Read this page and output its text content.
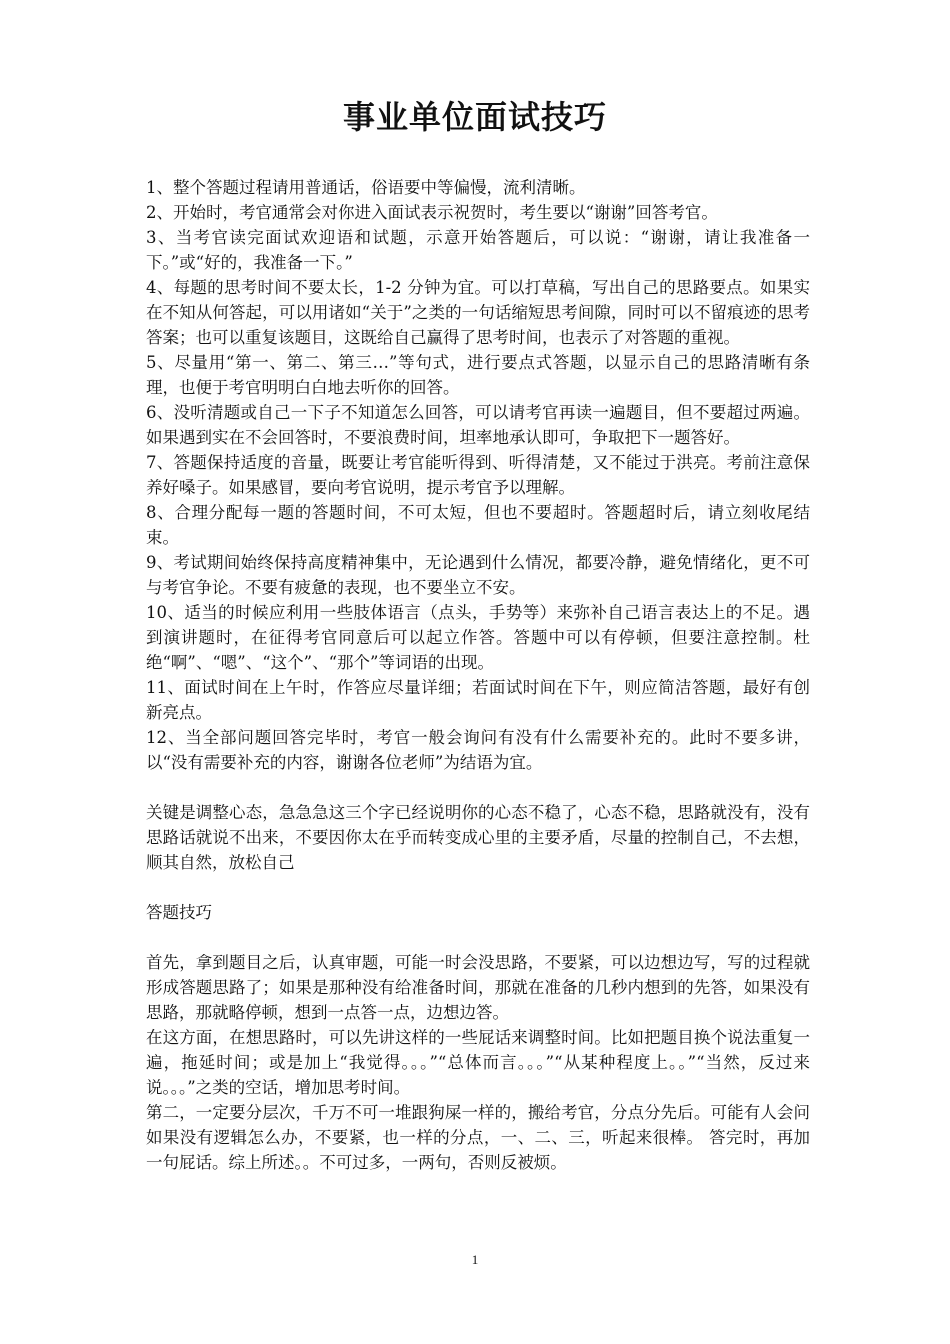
事业单位面试技巧

1、整个答题过程请用普通话，俗语要中等偏慢，流利清晰。

2、开始时，考官通常会对你进入面试表示祝贺时，考生要以“谢谢”回答考官。

3、当考官读完面试欢迎语和试题，示意开始答题后，可以说：“谢谢，请让我准备一下。”或“好的，我准备一下。”

4、每题的思考时间不要太长，1-2 分钟为宜。可以打草稿，写出自己的思路要点。如果实在不知从何答起，可以用诸如“关于”之类的一句话缩短思考间隙，同时可以不留痕迹的思考答案；也可以重复该题目，这既给自己赢得了思考时间，也表示了对答题的重视。

5、尽量用“第一、第二、第三…”等句式，进行要点式答题，以显示自己的思路清晰有条理，也便于考官明明白白地去听你的回答。

6、没听清题或自己一下子不知道怎么回答，可以请考官再读一遍题目，但不要超过两遍。如果遇到实在不会回答时，不要浪费时间，坦率地承认即可，争取把下一题答好。

7、答题保持适度的音量，既要让考官能听得到、听得清楚，又不能过于洪亮。考前注意保养好嗓子。如果感冒，要向考官说明，提示考官予以理解。

8、合理分配每一题的答题时间，不可太短，但也不要超时。答题超时后，请立刻收尾结束。

9、考试期间始终保持高度精神集中，无论遇到什么情况，都要冷静，避免情绪化，更不可与考官争论。不要有疲惫的表现，也不要坐立不安。

10、适当的时候应利用一些肢体语言（点头，手势等）来弥补自己语言表达上的不足。遇到演讲题时，在征得考官同意后可以起立作答。答题中可以有停顿，但要注意控制。杜绝“啊”、“嗯”、“这个”、“那个”等词语的出现。

11、面试时间在上午时，作答应尽量详细；若面试时间在下午，则应简洁答题，最好有创新亮点。

12、当全部问题回答完毕时，考官一般会询问有没有什么需要补充的。此时不要多讲，以“没有需要补充的内容，谢谢各位老师”为结语为宜。

关键是调整心态，急急急这三个字已经说明你的心态不稳了，心态不稳，思路就没有，没有思路话就说不出来，不要因你太在乎而转变成心里的主要矛盾，尽量的控制自己，不去想，顺其自然，放松自己

答题技巧

首先，拿到题目之后，认真审题，可能一时会没思路，不要紧，可以边想边写，写的过程就形成答题思路了；如果是那种没有给准备时间，那就在准备的几秒内想到的先答，如果没有思路，那就略停顿，想到一点答一点，边想边答。

在这方面，在想思路时，可以先讲这样的一些屁话来调整时间。比如把题目换个说法重复一遍，拖延时间；或是加上“我觉得。。。”“总体而言。。。”“从某种程度上。。”“当然，反过来说。。。”之类的空话，增加思考时间。

第二，一定要分层次，千万不可一堆跟狗屎一样的，搬给考官，分点分先后。可能有人会问如果没有逻辑怎么办，不要紧，也一样的分点，一、二、三，听起来很棒。 答完时，再加一句屁话。综上所述。。不可过多，一两句，否则反被烦。

1
